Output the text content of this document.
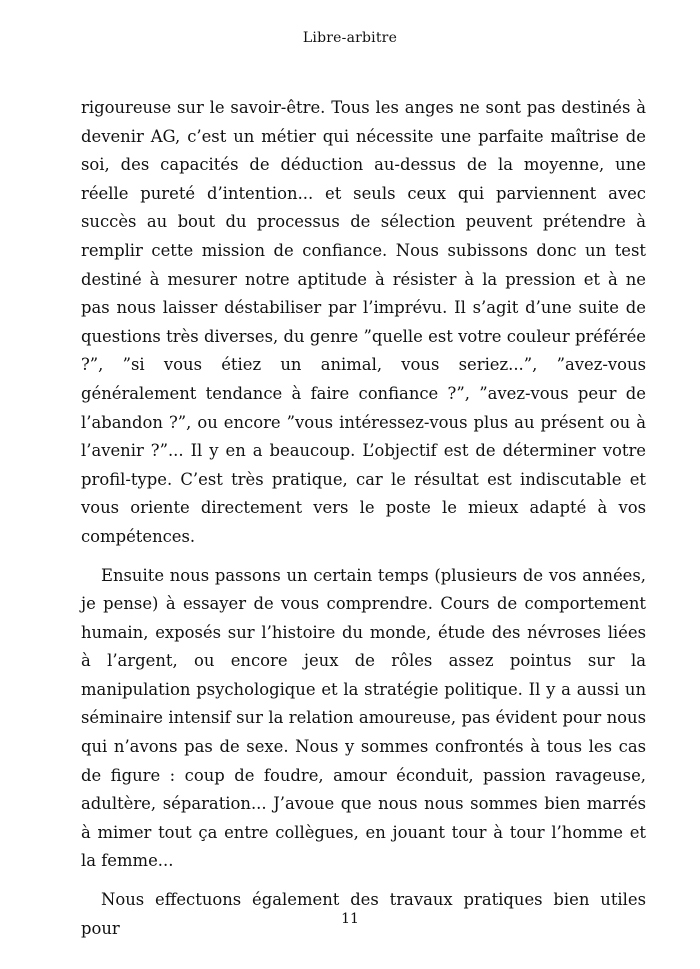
Libre-arbitre

rigoureuse sur le savoir-être. Tous les anges ne sont pas destinés à devenir AG, c’est un métier qui nécessite une parfaite maîtrise de soi, des capacités de déduction au-dessus de la moyenne, une réelle pureté d’intention... et seuls ceux qui parviennent avec succès au bout du processus de sélection peuvent prétendre à remplir cette mission de confiance. Nous subissons donc un test destiné à mesurer notre aptitude à résister à la pression et à ne pas nous laisser déstabiliser par l’imprévu. Il s’agit d’une suite de questions très diverses, du genre ”quelle est votre couleur préférée ?”, ”si vous étiez un animal, vous seriez...”, ”avez-vous généralement tendance à faire confiance ?”, ”avez-vous peur de l’abandon ?”, ou encore ”vous intéressez-vous plus au présent ou à l’avenir ?”... Il y en a beaucoup. L’objectif est de déterminer votre profil-type. C’est très pratique, car le résultat est indiscutable et vous oriente directement vers le poste le mieux adapté à vos compétences.

Ensuite nous passons un certain temps (plusieurs de vos années, je pense) à essayer de vous comprendre. Cours de comportement humain, exposés sur l’histoire du monde, étude des névroses liées à l’argent, ou encore jeux de rôles assez pointus sur la manipulation psychologique et la stratégie politique. Il y a aussi un séminaire intensif sur la relation amoureuse, pas évident pour nous qui n’avons pas de sexe. Nous y sommes confrontés à tous les cas de figure : coup de foudre, amour éconduit, passion ravageuse, adultère, séparation... J’avoue que nous nous sommes bien marrés à mimer tout ça entre collègues, en jouant tour à tour l’homme et la femme...

Nous effectuons également des travaux pratiques bien utiles pour	11
